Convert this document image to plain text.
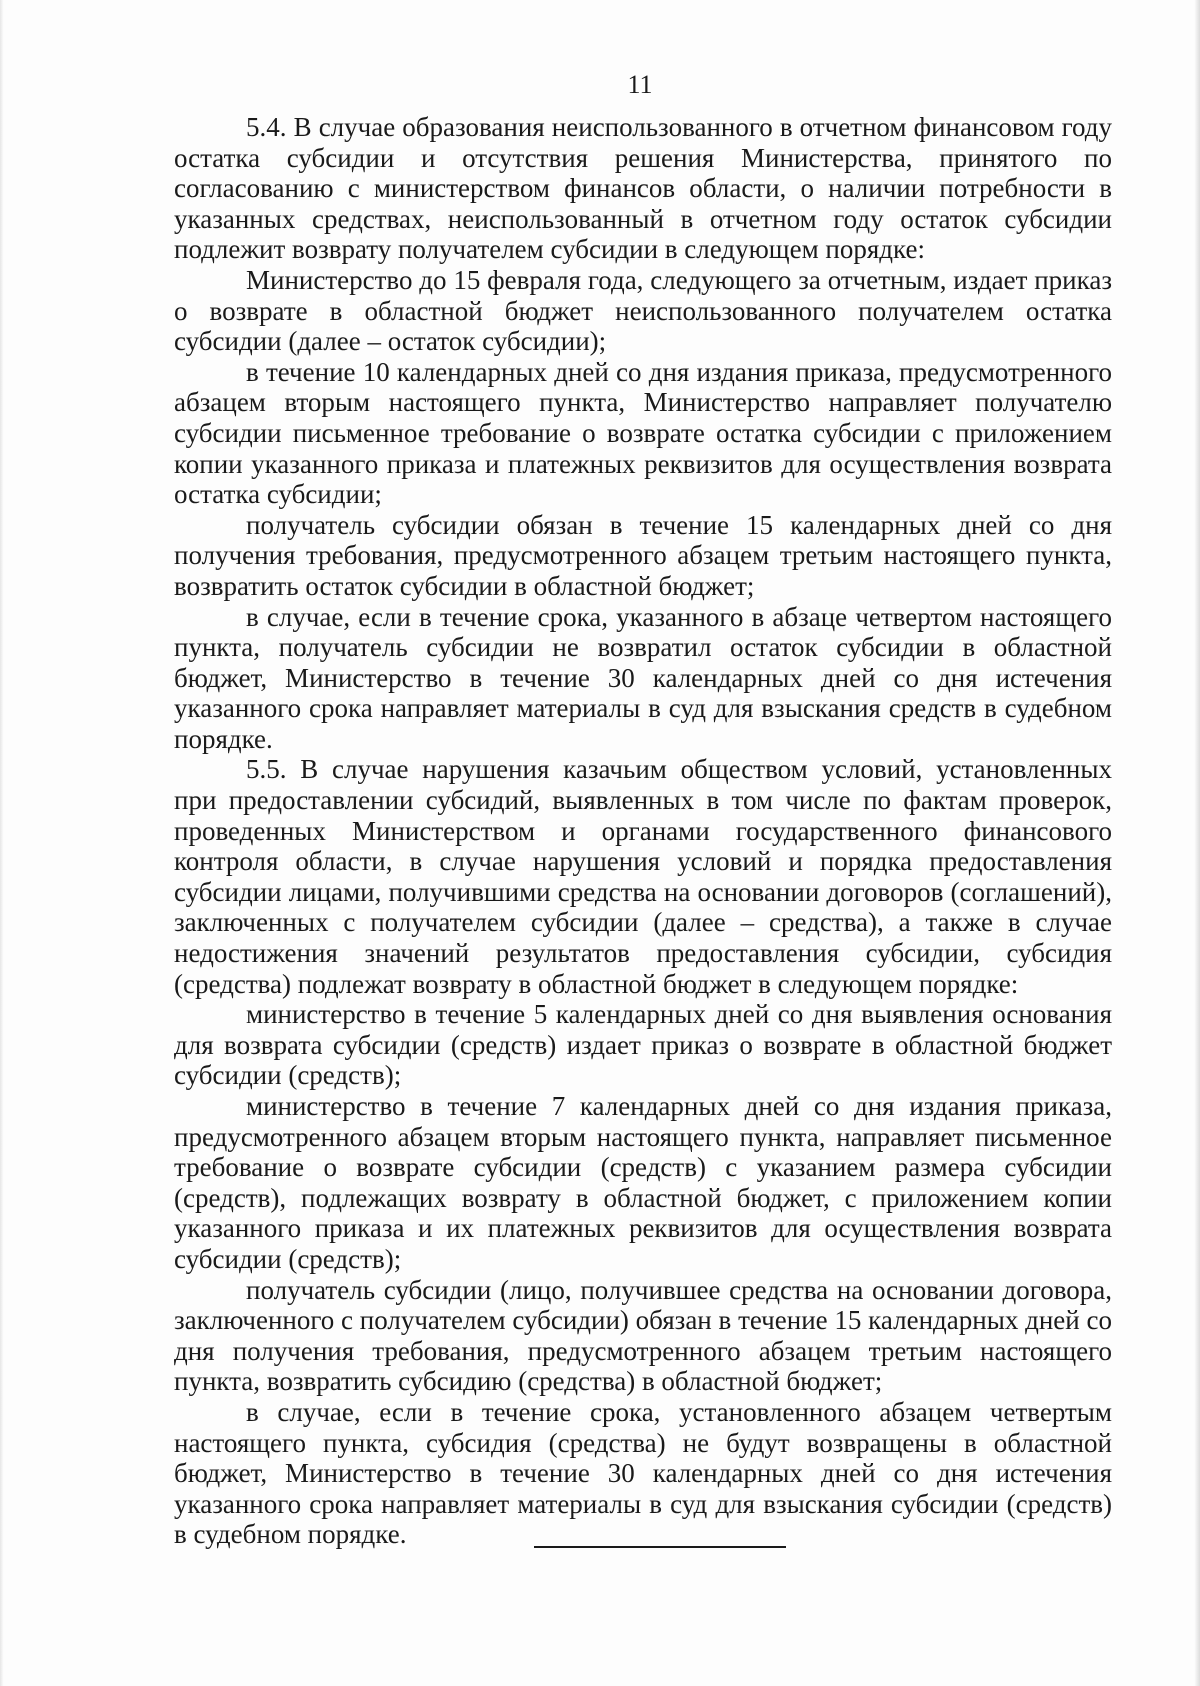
11

5.4. В случае образования неиспользованного в отчетном финансовом году остатка субсидии и отсутствия решения Министерства, принятого по согласованию с министерством финансов области, о наличии потребности в указанных средствах, неиспользованный в отчетном году остаток субсидии подлежит возврату получателем субсидии в следующем порядке:

Министерство до 15 февраля года, следующего за отчетным, издает приказ о возврате в областной бюджет неиспользованного получателем остатка субсидии (далее – остаток субсидии);

в течение 10 календарных дней со дня издания приказа, предусмотренного абзацем вторым настоящего пункта, Министерство направляет получателю субсидии письменное требование о возврате остатка субсидии с приложением копии указанного приказа и платежных реквизитов для осуществления возврата остатка субсидии;

получатель субсидии обязан в течение 15 календарных дней со дня получения требования, предусмотренного абзацем третьим настоящего пункта, возвратить остаток субсидии в областной бюджет;

в случае, если в течение срока, указанного в абзаце четвертом настоящего пункта, получатель субсидии не возвратил остаток субсидии в областной бюджет, Министерство в течение 30 календарных дней со дня истечения указанного срока направляет материалы в суд для взыскания средств в судебном порядке.

5.5. В случае нарушения казачьим обществом условий, установленных при предоставлении субсидий, выявленных в том числе по фактам проверок, проведенных Министерством и органами государственного финансового контроля области, в случае нарушения условий и порядка предоставления субсидии лицами, получившими средства на основании договоров (соглашений), заключенных с получателем субсидии (далее – средства), а также в случае недостижения значений результатов предоставления субсидии, субсидия (средства) подлежат возврату в областной бюджет в следующем порядке:

министерство в течение 5 календарных дней со дня выявления основания для возврата субсидии (средств) издает приказ о возврате в областной бюджет субсидии (средств);

министерство в течение 7 календарных дней со дня издания приказа, предусмотренного абзацем вторым настоящего пункта, направляет письменное требование о возврате субсидии (средств) с указанием размера субсидии (средств), подлежащих возврату в областной бюджет, с приложением копии указанного приказа и их платежных реквизитов для осуществления возврата субсидии (средств);

получатель субсидии (лицо, получившее средства на основании договора, заключенного с получателем субсидии) обязан в течение 15 календарных дней со дня получения требования, предусмотренного абзацем третьим настоящего пункта, возвратить субсидию (средства) в областной бюджет;

в случае, если в течение срока, установленного абзацем четвертым настоящего пункта, субсидия (средства) не будут возвращены в областной бюджет, Министерство в течение 30 календарных дней со дня истечения указанного срока направляет материалы в суд для взыскания субсидии (средств) в судебном порядке.
